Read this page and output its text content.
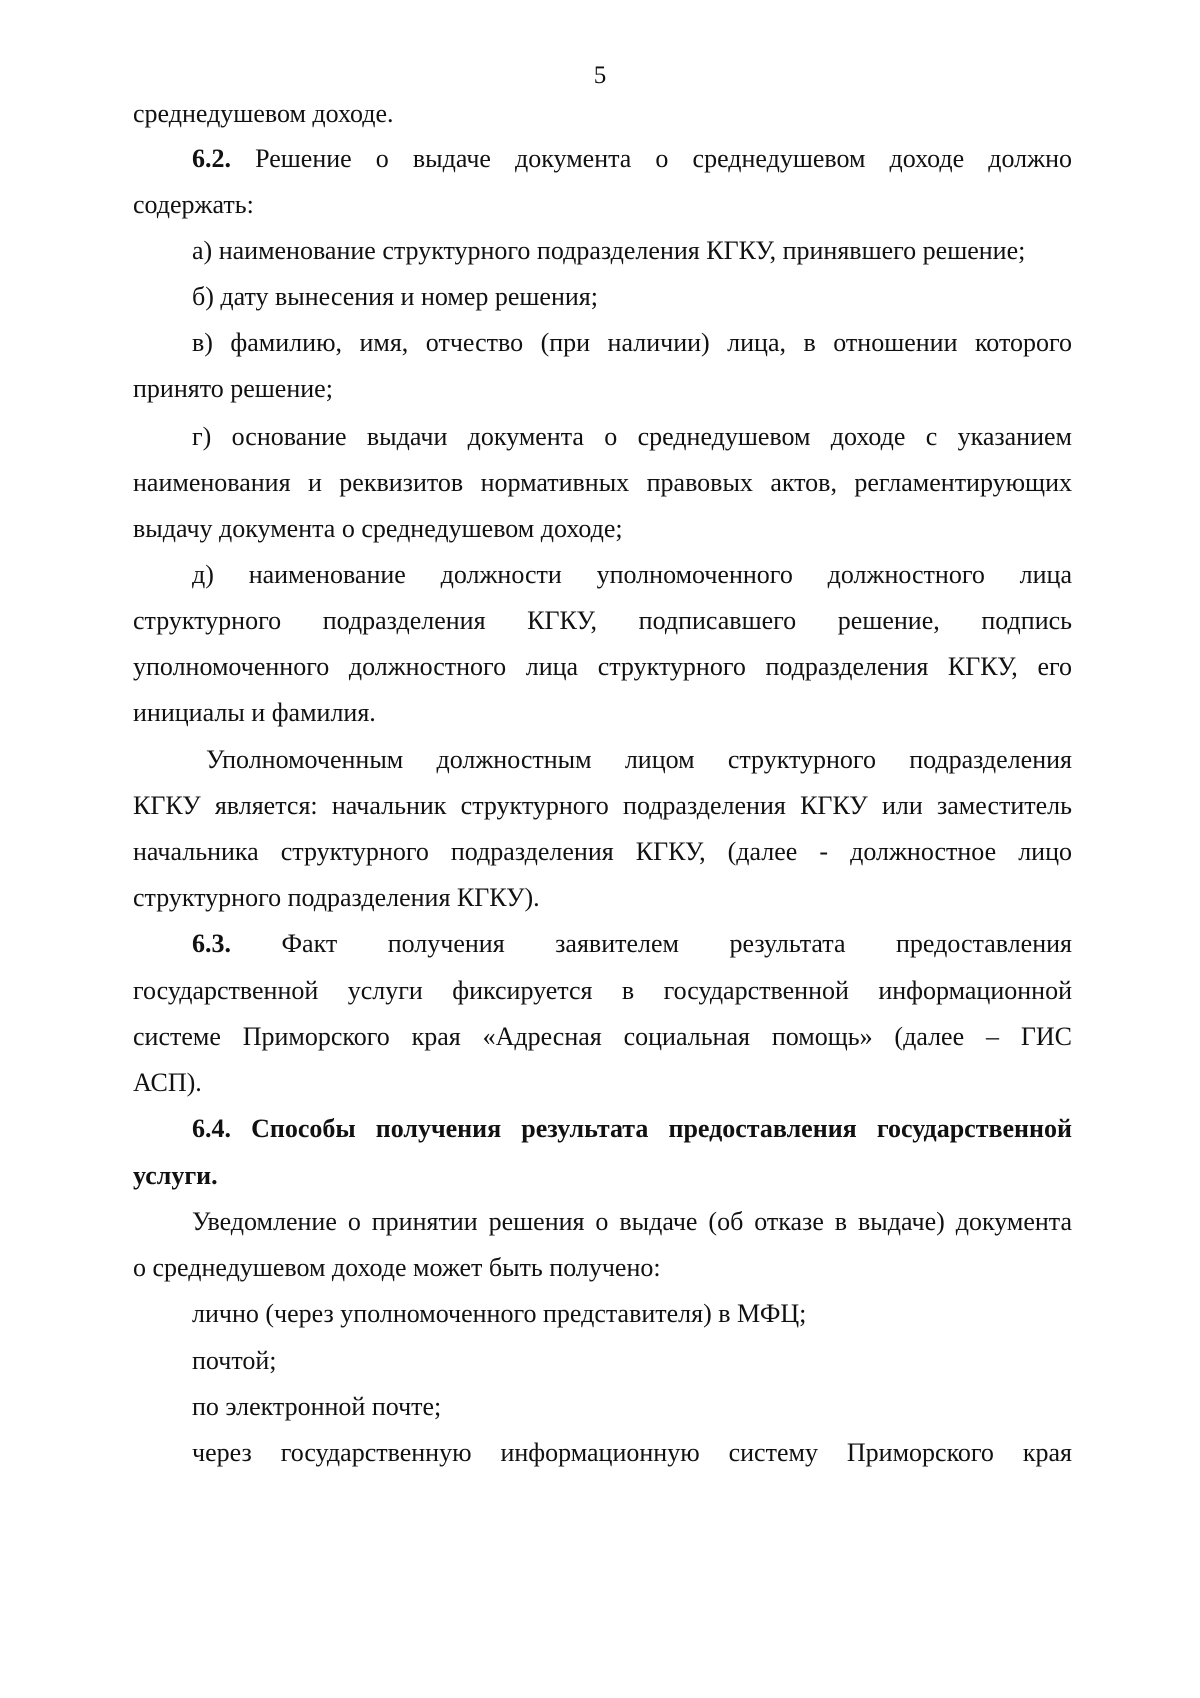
5
среднедушевом доходе.
6.2. Решение о выдаче документа о среднедушевом доходе должно
содержать:
а) наименование структурного подразделения КГКУ, принявшего решение;
б) дату вынесения и номер решения;
в) фамилию, имя, отчество (при наличии) лица, в отношении которого
принято решение;
г) основание выдачи документа о среднедушевом доходе с указанием
наименования и реквизитов нормативных правовых актов, регламентирующих
выдачу документа о среднедушевом доходе;
д) наименование должности уполномоченного должностного лица
структурного подразделения КГКУ, подписавшего решение, подпись
уполномоченного должностного лица структурного подразделения КГКУ, его
инициалы и фамилия.
Уполномоченным должностным лицом структурного подразделения
КГКУ является: начальник структурного подразделения КГКУ или заместитель
начальника структурного подразделения КГКУ, (далее - должностное лицо
структурного подразделения КГКУ).
6.3. Факт получения заявителем результата предоставления
государственной услуги фиксируется в государственной информационной
системе Приморского края «Адресная социальная помощь» (далее – ГИС
АСП).
6.4. Способы получения результата предоставления государственной
услуги.
Уведомление о принятии решения о выдаче (об отказе в выдаче) документа
о среднедушевом доходе может быть получено:
лично (через уполномоченного представителя) в МФЦ;
почтой;
по электронной почте;
через государственную информационную систему Приморского края
